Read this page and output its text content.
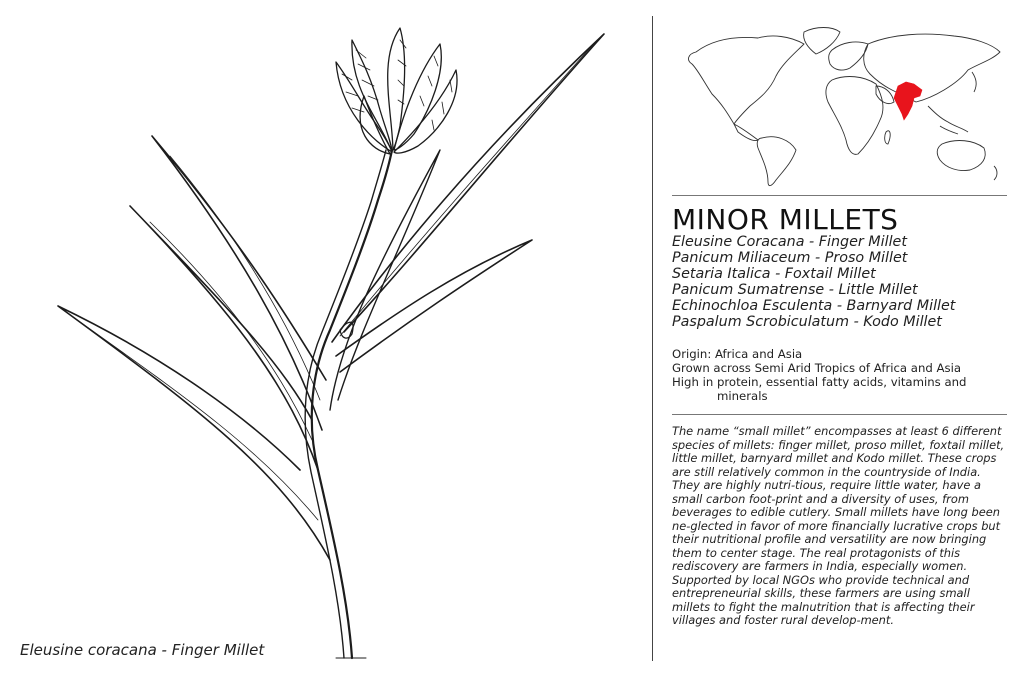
Eleusine coracana - Finger Millet
MINOR MILLETS
Eleusine Coracana - Finger Millet
Panicum Miliaceum - Proso Millet
Setaria Italica - Foxtail Millet
Panicum Sumatrense - Little Millet
Echinochloa Esculenta - Barnyard Millet
Paspalum Scrobiculatum - Kodo Millet
Origin: Africa and Asia
Grown across Semi Arid Tropics of Africa and Asia
High in protein, essential fatty acids, vitamins and minerals

The name “small millet” encompasses at least 6 different species of millets: finger millet, proso millet, foxtail millet, little millet, barnyard millet and Kodo millet. These crops are still relatively common in the countryside of India. They are highly nutri-tious, require little water, have a small carbon foot-print and a diversity of uses, from beverages to edible cutlery. Small millets have long been ne-glected in favor of more financially lucrative crops but their nutritional profile and versatility are now bringing them to center stage. The real protagonists of this rediscovery are farmers in India, especially women. Supported by local NGOs who provide technical and entrepreneurial skills, these farmers are using small millets to fight the malnutrition that is affecting their villages and foster rural develop-ment.
